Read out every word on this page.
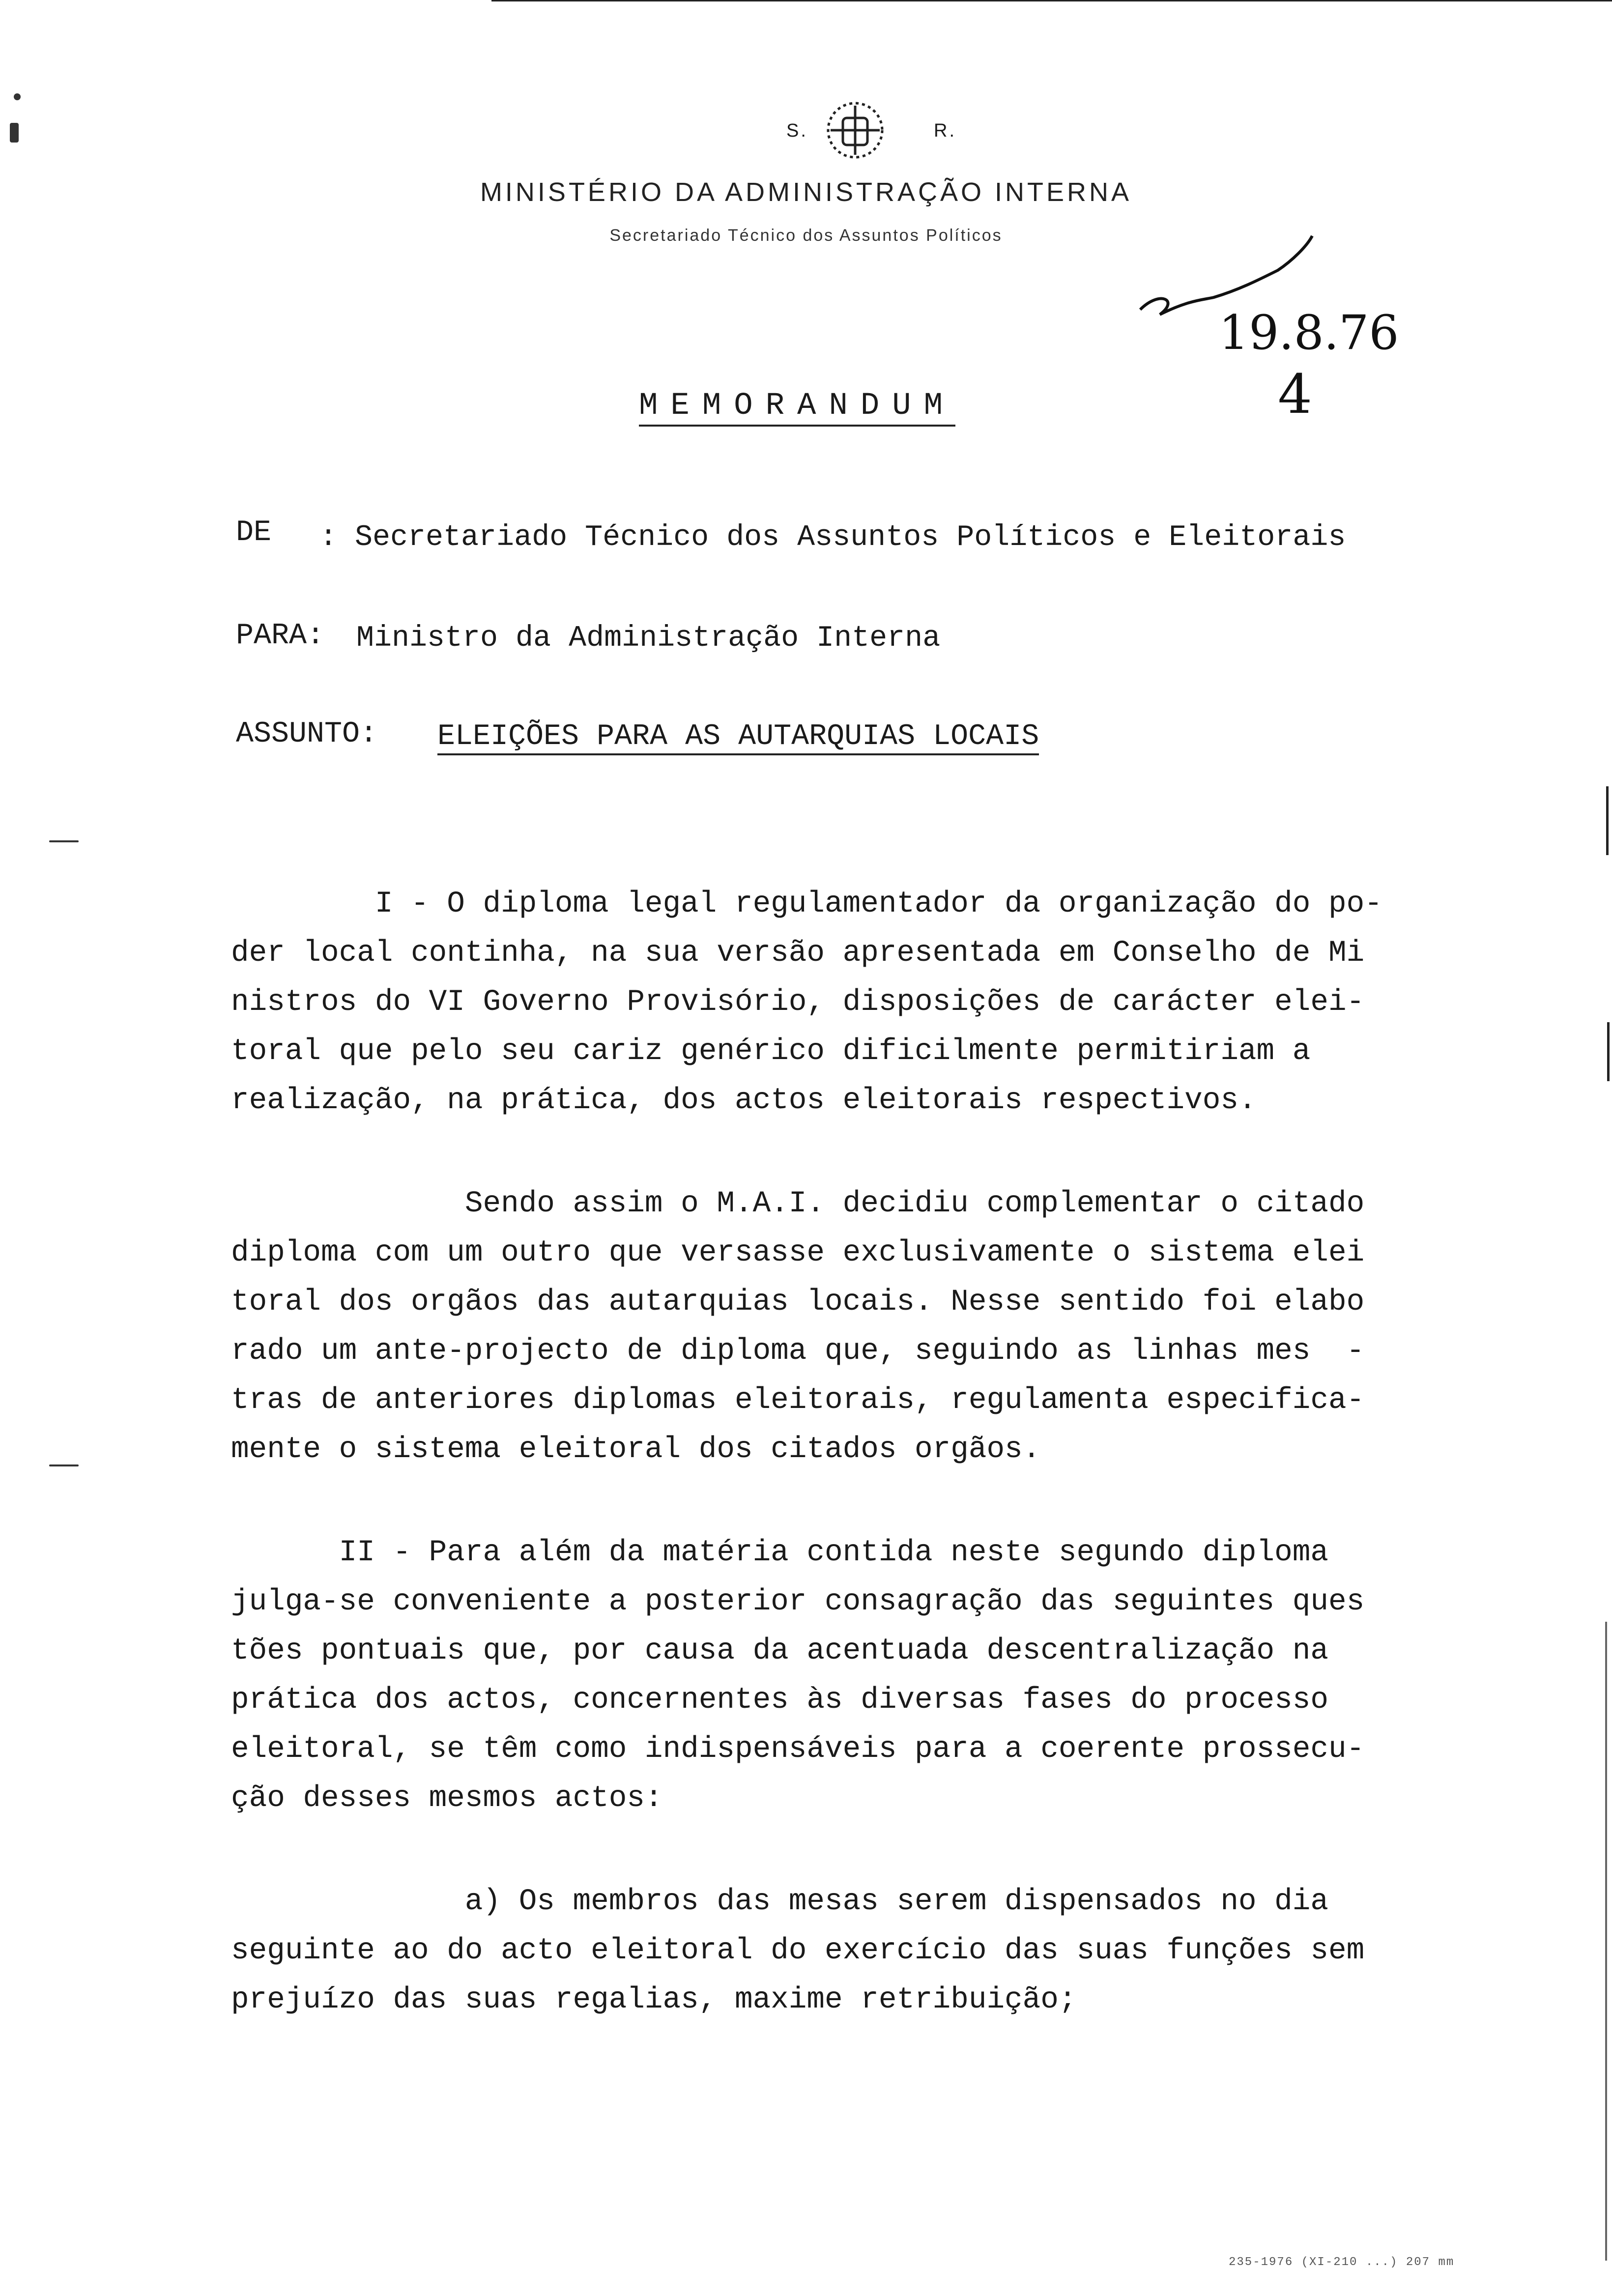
S.	R.
MINISTÉRIO DA ADMINISTRAÇÃO INTERNA
Secretariado Técnico dos Assuntos Políticos
19.8.76
4
MEMORANDUM
DE : Secretariado Técnico dos Assuntos Políticos e Eleitorais
PARA: Ministro da Administração Interna
ASSUNTO: ELEIÇÕES PARA AS AUTARQUIAS LOCAIS
I - O diploma legal regulamentador da organização do po-
der local continha, na sua versão apresentada em Conselho de Mi
nistros do VI Governo Provisório, disposições de carácter elei-
toral que pelo seu cariz genérico dificilmente permitiriam a
realização, na prática, dos actos eleitorais respectivos.
Sendo assim o M.A.I. decidiu complementar o citado
diploma com um outro que versasse exclusivamente o sistema elei
toral dos orgãos das autarquias locais. Nesse sentido foi elabo
rado um ante-projecto de diploma que, seguindo as linhas mes  -
tras de anteriores diplomas eleitorais, regulamenta especifica-
mente o sistema eleitoral dos citados orgãos.
II - Para além da matéria contida neste segundo diploma
julga-se conveniente a posterior consagração das seguintes ques
tões pontuais que, por causa da acentuada descentralização na
prática dos actos, concernentes às diversas fases do processo
eleitoral, se têm como indispensáveis para a coerente prossecu-
ção desses mesmos actos:
a) Os membros das mesas serem dispensados no dia
seguinte ao do acto eleitoral do exercício das suas funções sem
prejuízo das suas regalias, maxime retribuição;
235-1976 (XI-210 ...) 207 mm
